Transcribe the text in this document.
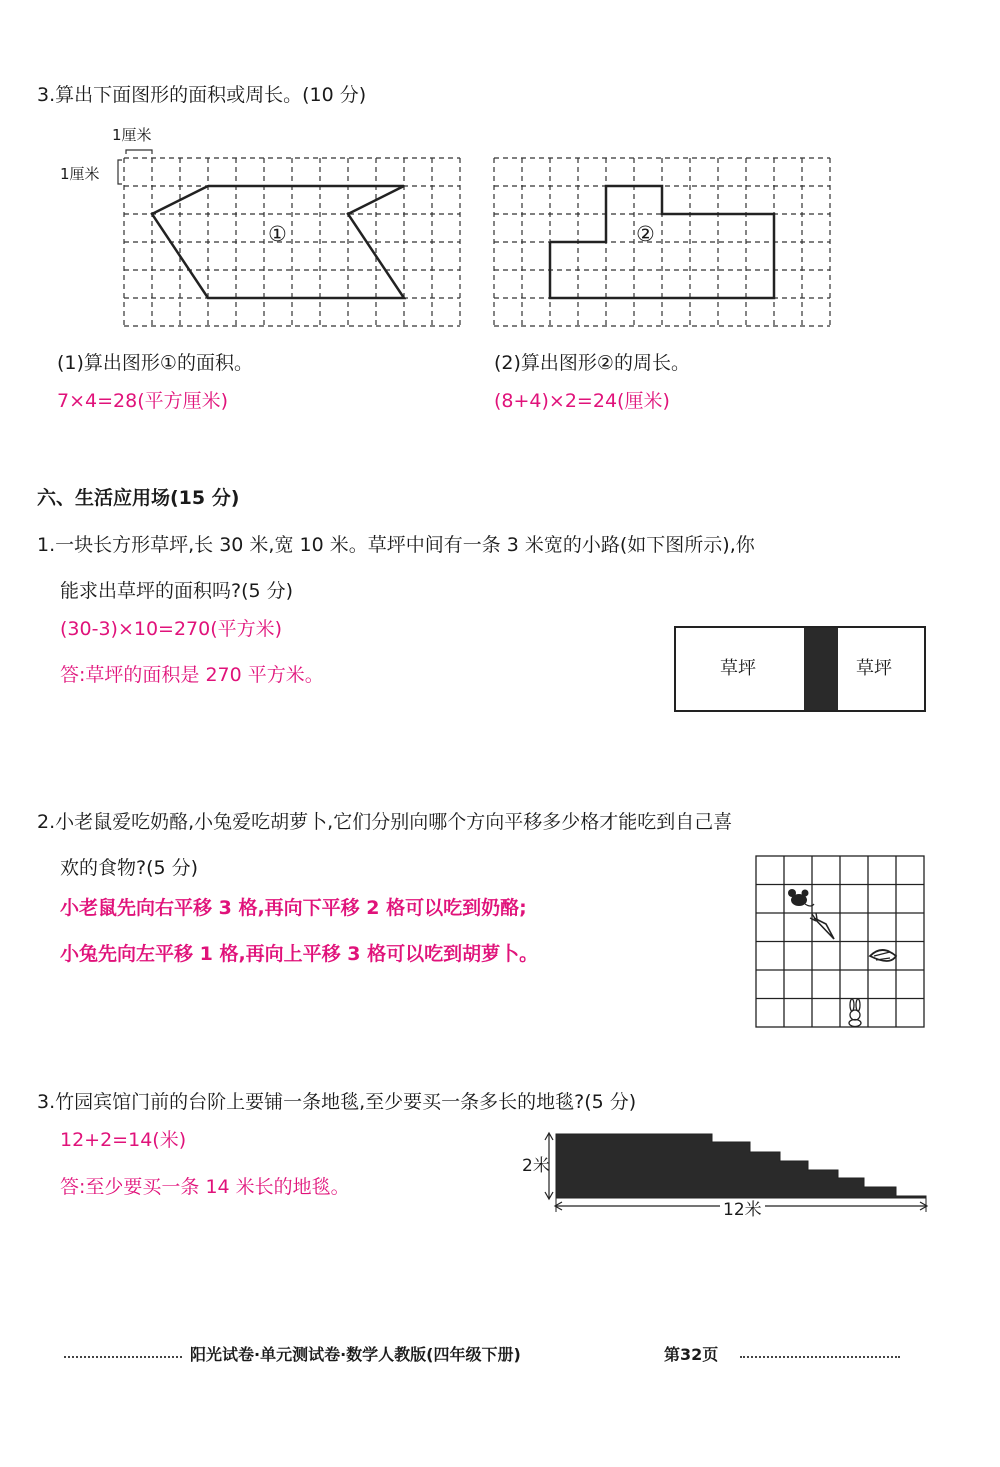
3.算出下面图形的面积或周长。(10 分)
1厘米
1厘米
①	②
(1)算出图形①的面积。
7×4=28(平方厘米)
(2)算出图形②的周长。
(8+4)×2=24(厘米)
六、生活应用场(15 分)
1.一块长方形草坪,长 30 米,宽 10 米。草坪中间有一条 3 米宽的小路(如下图所示),你
能求出草坪的面积吗?(5 分)
(30-3)×10=270(平方米)
答:草坪的面积是 270 平方米。	草坪	草坪
2.小老鼠爱吃奶酪,小兔爱吃胡萝卜,它们分别向哪个方向平移多少格才能吃到自己喜
欢的食物?(5 分)
小老鼠先向右平移 3 格,再向下平移 2 格可以吃到奶酪;
小兔先向左平移 1 格,再向上平移 3 格可以吃到胡萝卜。
3.竹园宾馆门前的台阶上要铺一条地毯,至少要买一条多长的地毯?(5 分)
12+2=14(米)
答:至少要买一条 14 米长的地毯。
2米
12米
阳光试卷·单元测试卷·数学人教版(四年级下册)	第32页
